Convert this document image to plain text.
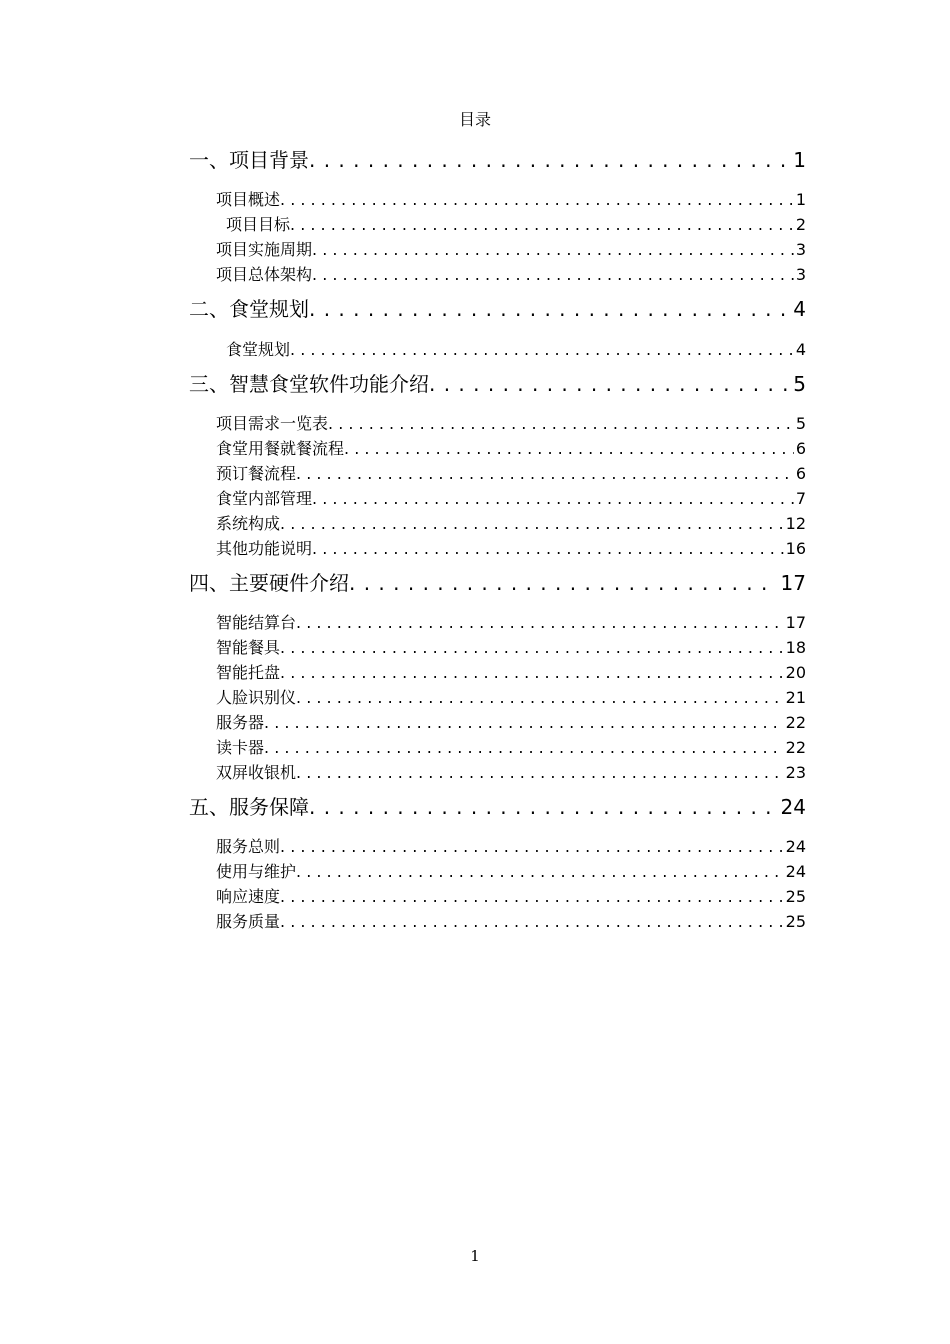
目录
一、项目背景 . . .	1
项目概述 . . .	1
项目目标 . . .	2
项目实施周期 . . .	3
项目总体架构 . . .	3
二、食堂规划 . . .	4
食堂规划 . . .	4
三、智慧食堂软件功能介绍 . . .	5
项目需求一览表 . . .	5
食堂用餐就餐流程 . . .	6
预订餐流程 . . .	6
食堂内部管理 . . .	7
系统构成 . . .	12
其他功能说明 . . .	16
四、主要硬件介绍 . . .	17
智能结算台 . . .	17
智能餐具 . . .	18
智能托盘 . . .	20
人脸识别仪 . . .	21
服务器 . . .	22
读卡器 . . .	22
双屏收银机 . . .	23
五、服务保障 . . .	24
服务总则 . . .	24
使用与维护 . . .	24
响应速度 . . .	25
服务质量 . . .	25
1
